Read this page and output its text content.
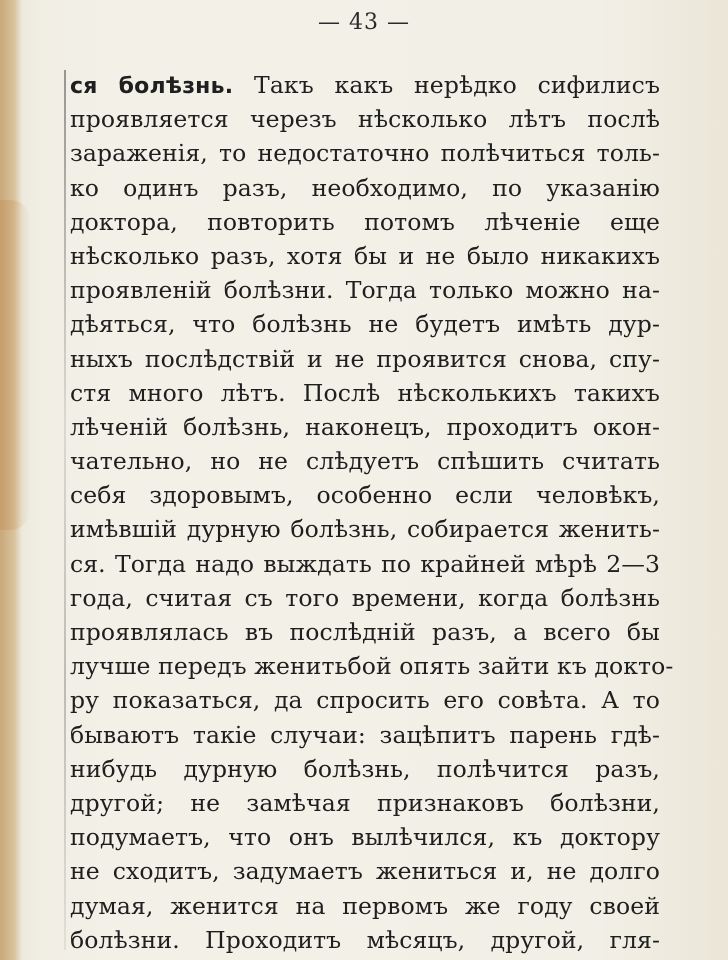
— 43 —
ся болѣзнь. Такъ какъ нерѣдко сифилисъ
проявляется черезъ нѣсколько лѣтъ послѣ
зараженія, то недостаточно полѣчиться толь-
ко одинъ разъ, необходимо, по указанію
доктора, повторить потомъ лѣченіе еще
нѣсколько разъ, хотя бы и не было никакихъ
проявленій болѣзни. Тогда только можно на-
дѣяться, что болѣзнь не будетъ имѣть дур-
ныхъ послѣдствій и не проявится снова, спу-
стя много лѣтъ. Послѣ нѣсколькихъ такихъ
лѣченій болѣзнь, наконецъ, проходитъ окон-
чательно, но не слѣдуетъ спѣшить считать
себя здоровымъ, особенно если человѣкъ,
имѣвшій дурную болѣзнь, собирается женить-
ся. Тогда надо выждать по крайней мѣрѣ 2—3
года, считая съ того времени, когда болѣзнь
проявлялась въ послѣдній разъ, а всего бы
лучше передъ женитьбой опять зайти къ докто-
ру показаться, да спросить его совѣта. А то
бываютъ такіе случаи: зацѣпитъ парень гдѣ-
нибудь дурную болѣзнь, полѣчится разъ,
другой; не замѣчая признаковъ болѣзни,
подумаетъ, что онъ вылѣчился, къ доктору
не сходитъ, задумаетъ жениться и, не долго
думая, женится на первомъ же году своей
болѣзни. Проходитъ мѣсяцъ, другой, гля-
